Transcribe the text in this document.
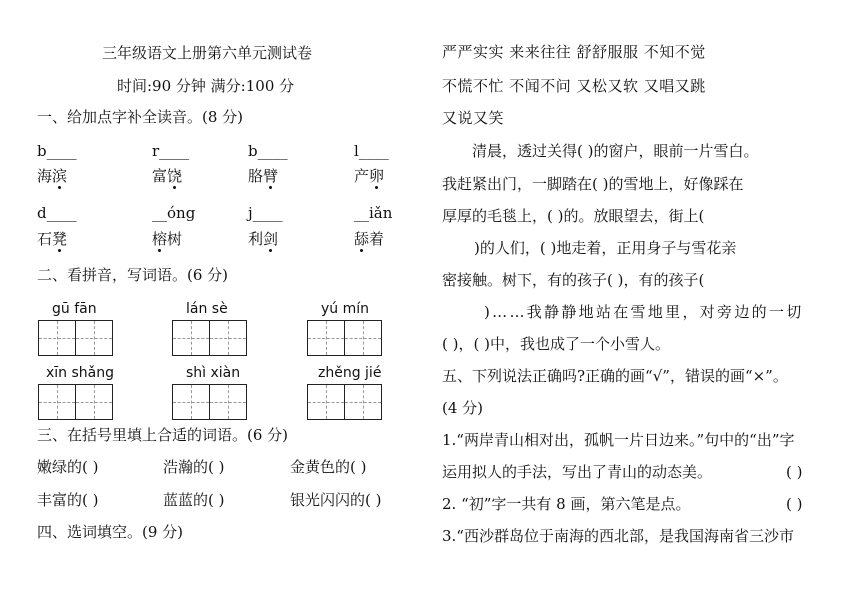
三年级语文上册第六单元测试卷
时间:90 分钟 满分:100 分
一、给加点字补全读音。(8 分)
b____	r____	b____	l____
海滨	富饶	胳臂	产卵
d____	__óng	j____	__iǎn
石凳	榕树	利剑	舔着
二、看拼音，写词语。(6 分)
gū fān	lán sè	yú mín
xīn shǎng	shì xiàn	zhěng jié
三、在括号里填上合适的词语。(6 分)
嫩绿的( )	浩瀚的( )	金黄色的( )
丰富的( )	蓝蓝的( )	银光闪闪的( )
四、选词填空。(9 分)
严严实实 来来往往 舒舒服服 不知不觉
不慌不忙 不闻不问 又松又软 又唱又跳
又说又笑
清晨，透过关得( )的窗户，眼前一片雪白。
我赶紧出门，一脚踏在( )的雪地上，好像踩在
厚厚的毛毯上，( )的。放眼望去，街上(
)的人们，( )地走着，正用身子与雪花亲
密接触。树下，有的孩子( )，有的孩子(
)……我静静地站在雪地里，对旁边的一切
( )，( )中，我也成了一个小雪人。
五、下列说法正确吗?正确的画“√”，错误的画“×”。
(4 分)
1.“两岸青山相对出，孤帆一片日边来。”句中的“出”字
运用拟人的手法，写出了青山的动态美。	( )
2. “初”字一共有 8 画，第六笔是点。	( )
3.“西沙群岛位于南海的西北部，是我国海南省三沙市
